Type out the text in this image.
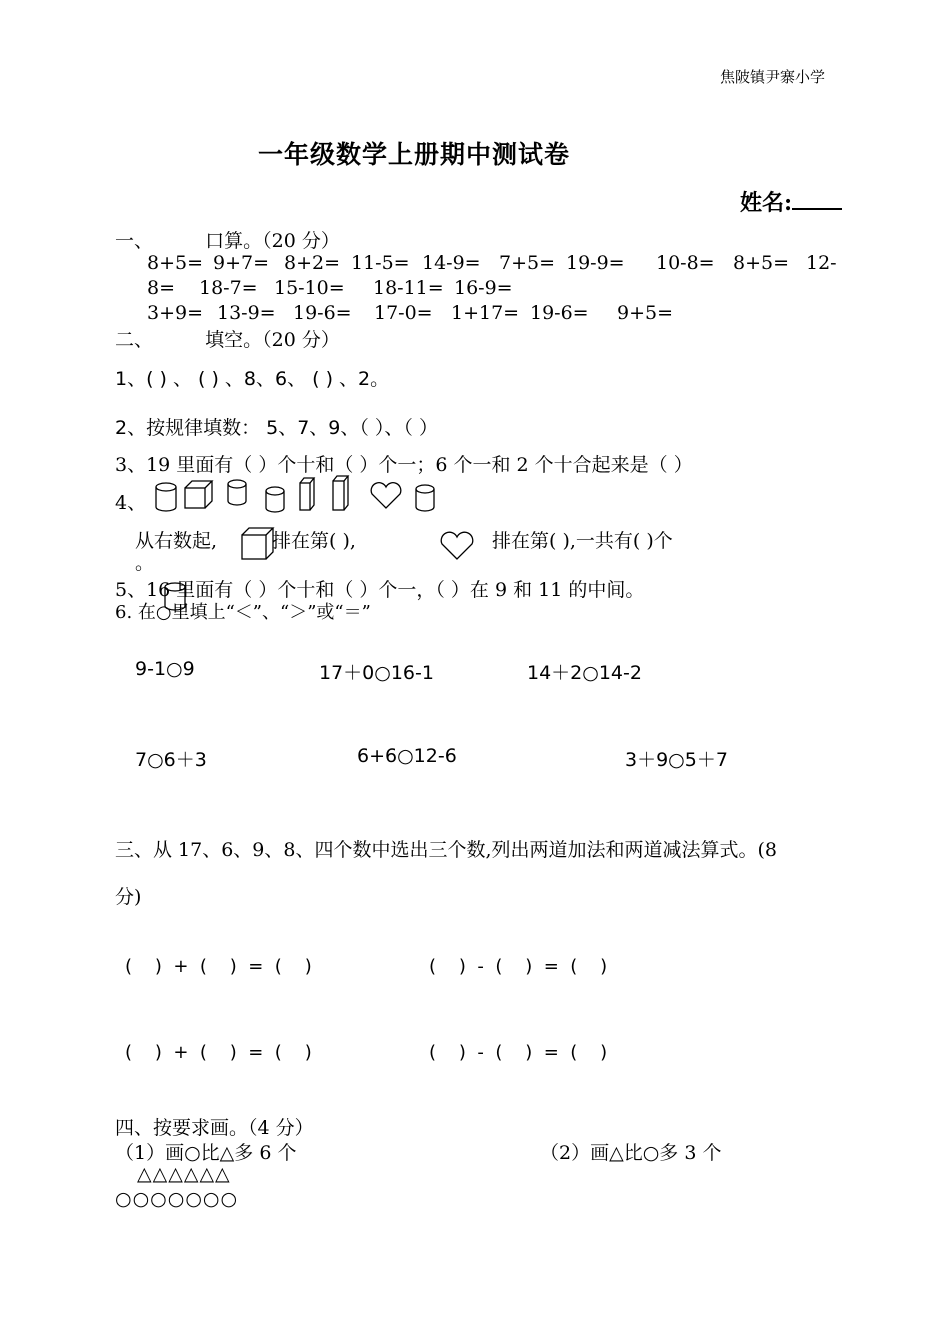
焦陂镇尹寨小学
一年级数学上册期中测试卷
姓名:
一、	口算。（20 分）
8+5= 9+7= 8+2= 11-5= 14-9= 7+5= 19-9= 10-8= 8+5= 12-
8= 18-7= 15-10= 18-11= 16-9=
3+9= 13-9= 19-6= 17-0= 1+17= 19-6= 9+5=
二、	填空。（20 分）
1、( ) 、 ( ) 、8、6、 ( ) 、2。
2、按规律填数： 5、7、9、（ ）、（ ）
3、19 里面有（ ）个十和（ ）个一；6 个一和 2 个十合起来是（ ）
4、
从右数起,	排在第( ),	排在第( ),一共有( )个
。
5、16 里面有（ ）个十和（ ）个一，（ ）在 9 和 11 的中间。
6. 在○里填上“＜”、“＞”或“＝”
9-1○9	17＋0○16-1	14＋2○14-2
7○6＋3	6+6○12-6	3＋9○5＋7
三、从 17、6、9、8、四个数中选出三个数,列出两道加法和两道减法算式。(8
分)
(    )  +  (    )  =  (    )	(    )  -  (    )  =  (    )
(    )  +  (    )  =  (    )	(    )  -  (    )  =  (    )
四、按要求画。（4 分）
（1）画○比△多 6 个	（2）画△比○多 3 个
△△△△△△
○○○○○○○
